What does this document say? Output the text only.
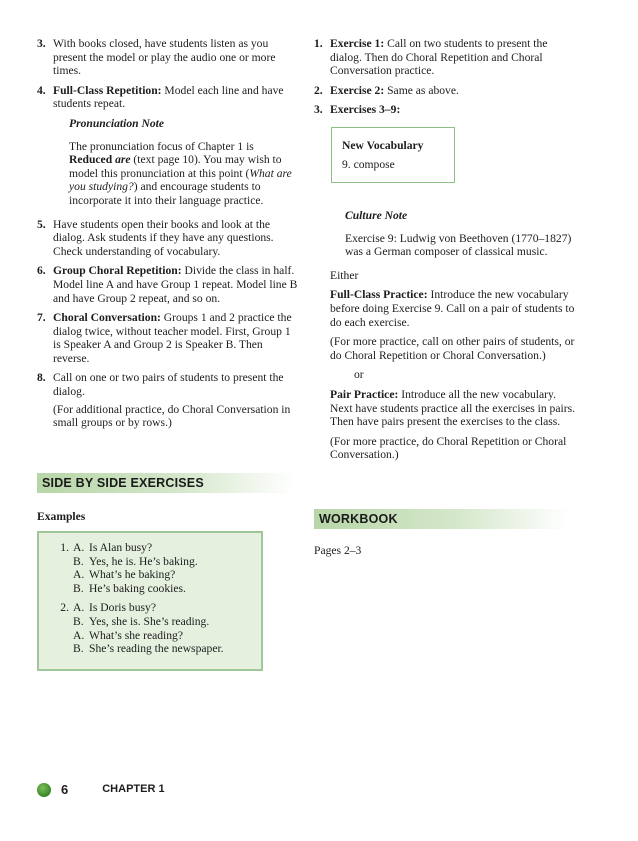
3. With books closed, have students listen as you present the model or play the audio one or more times.
4. Full-Class Repetition: Model each line and have students repeat.
Pronunciation Note

The pronunciation focus of Chapter 1 is Reduced are (text page 10). You may wish to model this pronunciation at this point (What are you studying?) and encourage students to incorporate it into their language practice.

5. Have students open their books and look at the dialog. Ask students if they have any questions. Check understanding of vocabulary.
6. Group Choral Repetition: Divide the class in half. Model line A and have Group 1 repeat. Model line B and have Group 2 repeat, and so on.
7. Choral Conversation: Groups 1 and 2 practice the dialog twice, without teacher model. First, Group 1 is Speaker A and Group 2 is Speaker B. Then reverse.
8. Call on one or two pairs of students to present the dialog.
(For additional practice, do Choral Conversation in small groups or by rows.)
SIDE BY SIDE EXERCISES
Examples
1. A. Is Alan busy?
B. Yes, he is. He’s baking.
A. What’s he baking?
B. He’s baking cookies.
2. A. Is Doris busy?
B. Yes, she is. She’s reading.
A. What’s she reading?
B. She’s reading the newspaper.
1. Exercise 1: Call on two students to present the dialog. Then do Choral Repetition and Choral Conversation practice.
2. Exercise 2: Same as above.
3. Exercises 3–9:
Culture Note
Exercise 9: Ludwig von Beethoven (1770–1827) was a German composer of classical music.
Either
Full-Class Practice: Introduce the new vocabulary before doing Exercise 9. Call on a pair of students to do each exercise.
(For more practice, call on other pairs of students, or do Choral Repetition or Choral Conversation.)
or
Pair Practice: Introduce all the new vocabulary. Next have students practice all the exercises in pairs. Then have pairs present the exercises to the class.
(For more practice, do Choral Repetition or Choral Conversation.)
New Vocabulary
9. compose
WORKBOOK
Pages 2–3
6	CHAPTER 1
